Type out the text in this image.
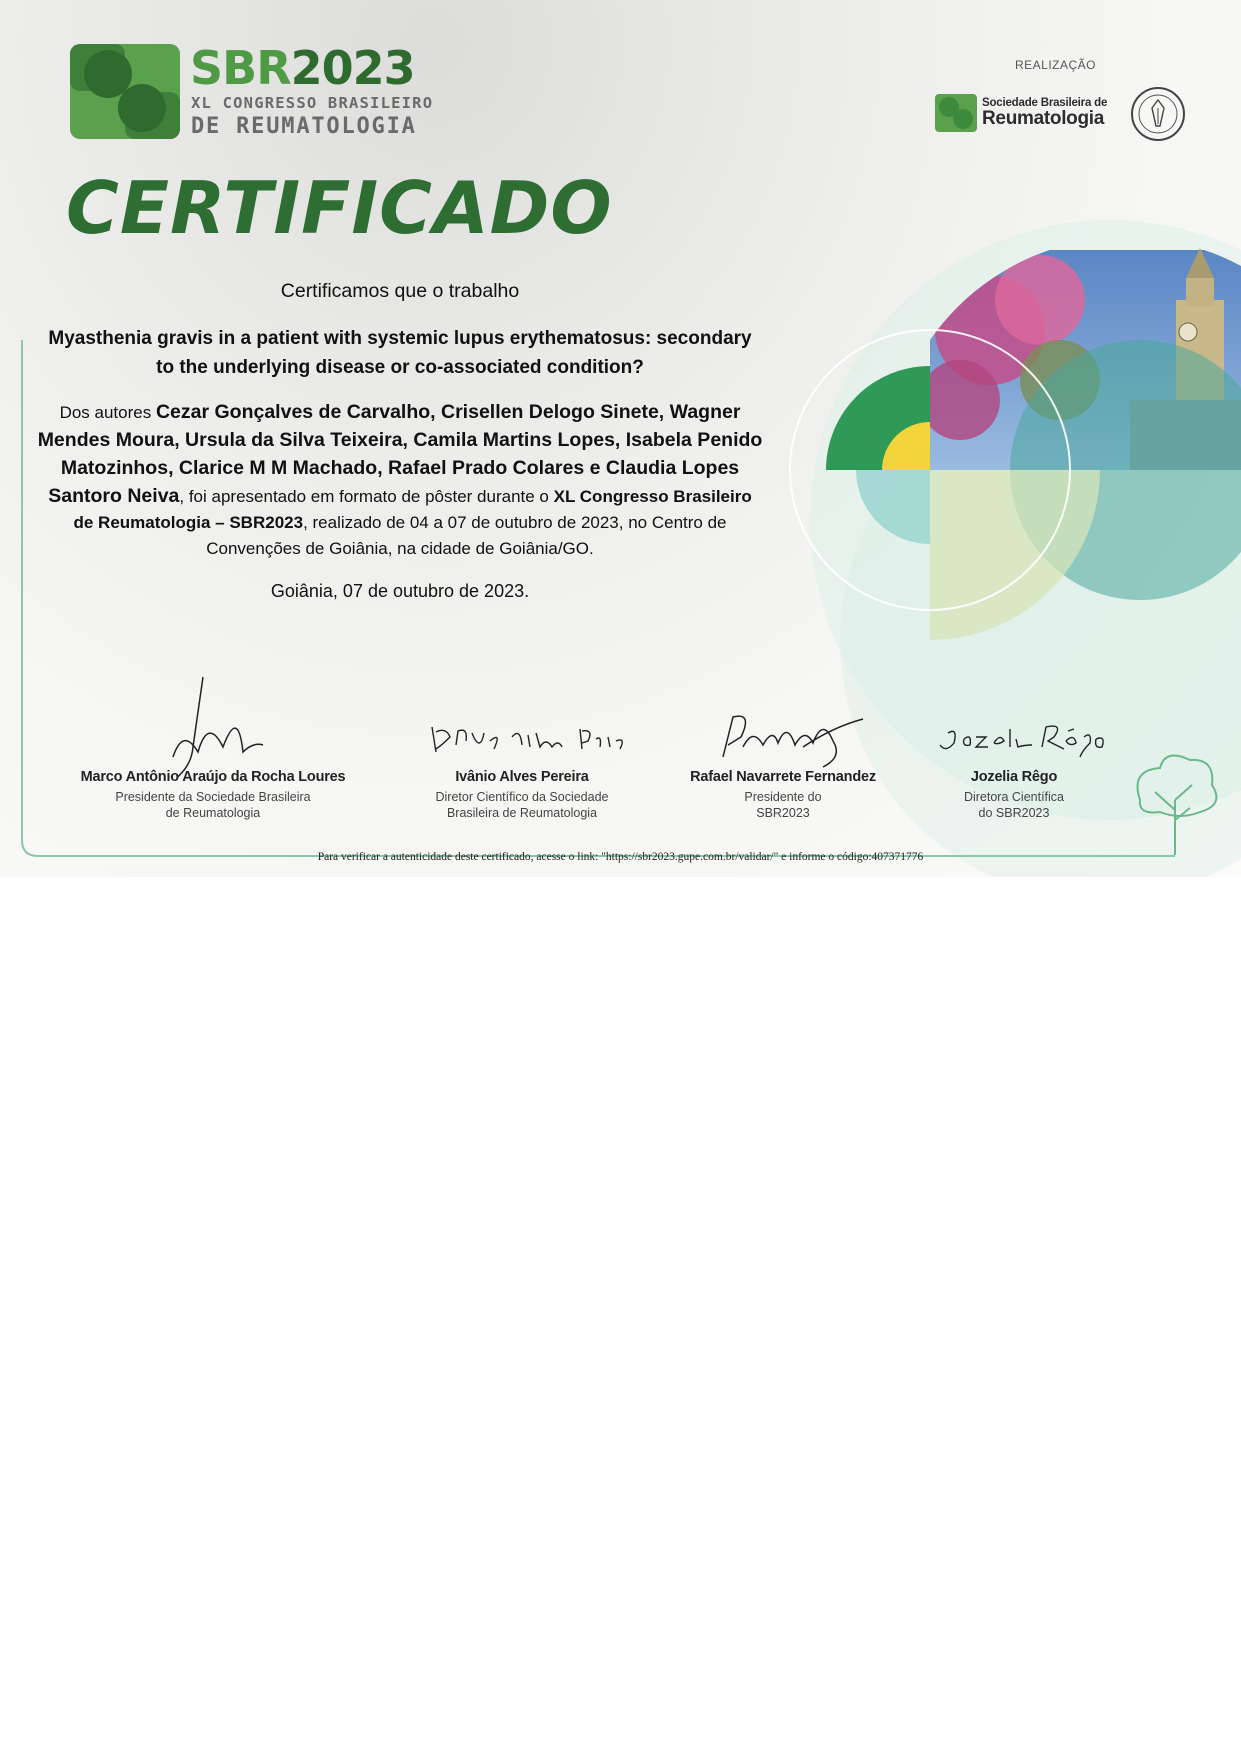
SBR2023
XL CONGRESSO BRASILEIRO
DE REUMATOLOGIA
REALIZAÇÃO
Sociedade Brasileira de
Reumatologia
CERTIFICADO
Certificamos que o trabalho
Myasthenia gravis in a patient with systemic lupus erythematosus: secondary to the underlying disease or co-associated condition?
Dos autores Cezar Gonçalves de Carvalho, Crisellen Delogo Sinete, Wagner Mendes Moura, Ursula da Silva Teixeira, Camila Martins Lopes, Isabela Penido Matozinhos, Clarice M M Machado, Rafael Prado Colares e Claudia Lopes Santoro Neiva, foi apresentado em formato de pôster durante o XL Congresso Brasileiro de Reumatologia – SBR2023, realizado de 04 a 07 de outubro de 2023, no Centro de Convenções de Goiânia, na cidade de Goiânia/GO.
Goiânia, 07 de outubro de 2023.
Marco Antônio Araújo da Rocha Loures
Presidente da Sociedade Brasileira
de Reumatologia
Ivânio Alves Pereira
Diretor Científico da Sociedade
Brasileira de Reumatologia
Rafael Navarrete Fernandez
Presidente do
SBR2023
Jozelia Rêgo
Diretora Científica
do SBR2023
Para verificar a autenticidade deste certificado, acesse o link: "https://sbr2023.gupe.com.br/validar/" e informe o código:407371776
